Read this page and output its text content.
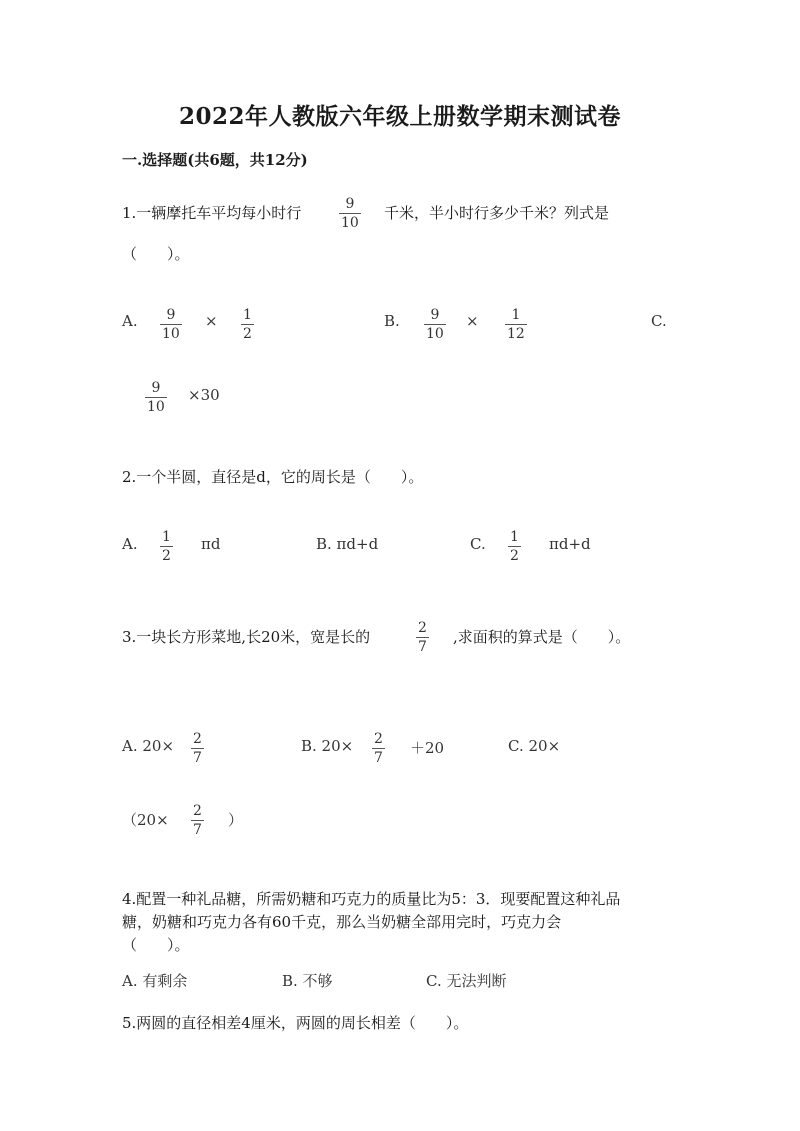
2022年人教版六年级上册数学期末测试卷
一.选择题(共6题，共12分)
1.一辆摩托车平均每小时行	9
10
千米，半小时行多少千米？列式是
（　　）。
A. 9
10
× 1
2
B. 9
10
× 1
12
C.
9
10
×30
2.一个半圆，直径是d，它的周长是（　　）。
A. 1
2
πd	B. πd+d	C. 1
2
πd+d
3.一块长方形菜地,长20米，宽是长的	2
7
,求面积的算式是（　　）。
A. 20× 2
7
B. 20× 2
7
＋20	C. 20×
（20× 2
7
）
4.配置一种礼品糖，所需奶糖和巧克力的质量比为5：3．现要配置这种礼品
糖，奶糖和巧克力各有60千克，那么当奶糖全部用完时，巧克力会
（　　）。
A. 有剩余	B. 不够	C. 无法判断
5.两圆的直径相差4厘米，两圆的周长相差（　　）。
